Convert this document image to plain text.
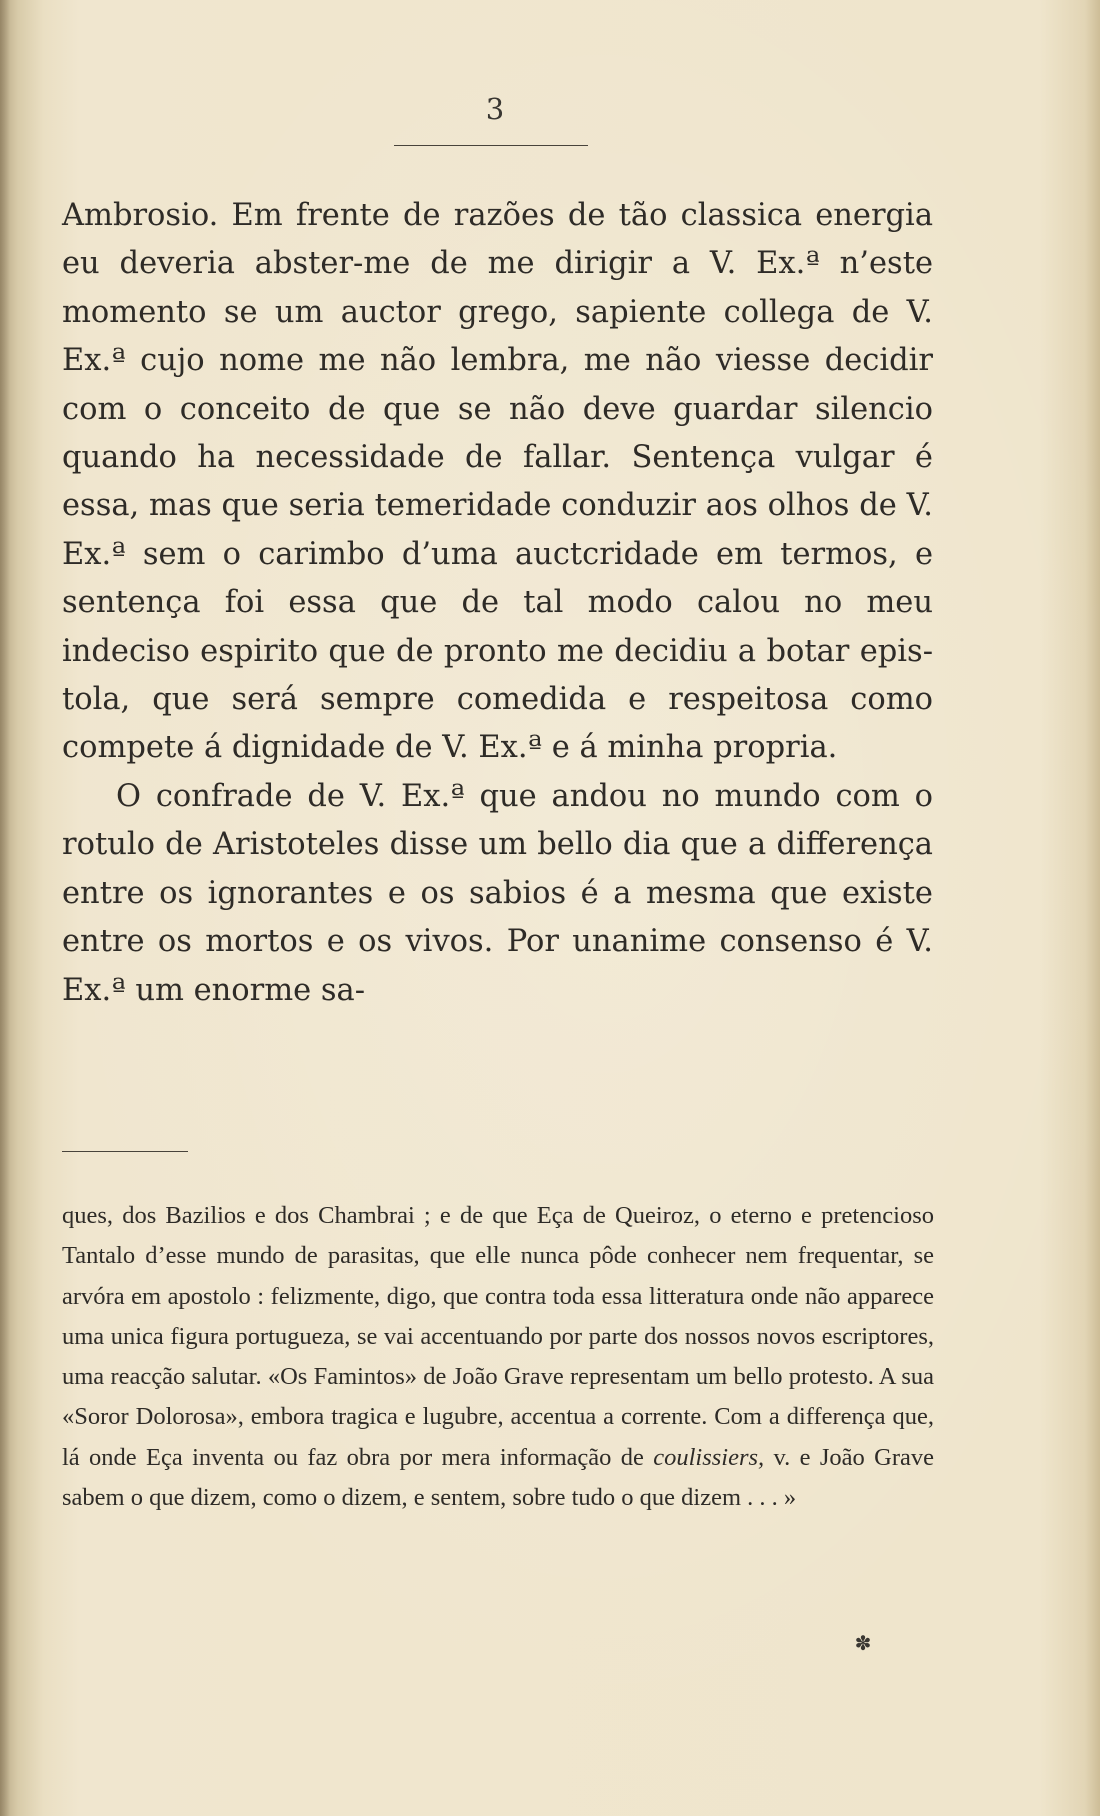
3

Ambrosio. Em frente de razões de tão classica energia eu deveria abster-me de me dirigir a V. Ex.ª n’este momento se um auctor grego, sapiente collega de V. Ex.ª cujo nome me não lembra, me não viesse decidir com o conceito de que se não deve guardar silencio quando ha necessidade de fallar. Sentença vulgar é essa, mas que seria temeridade conduzir aos olhos de V. Ex.ª sem o carimbo d’uma auctcridade em termos, e sentença foi essa que de tal modo calou no meu indeciso espirito que de pronto me decidiu a botar epistola, que será sempre comedida e respeitosa como compete á dignidade de V. Ex.ª e á minha propria.

O confrade de V. Ex.ª que andou no mundo com o rotulo de Aristoteles disse um bello dia que a differença entre os ignorantes e os sabios é a mesma que existe entre os mortos e os vivos. Por unanime consenso é V. Ex.ª um enorme sa-

ques, dos Bazilios e dos Chambrai ; e de que Eça de Queiroz, o eterno e pretencioso Tantalo d’esse mundo de parasitas, que elle nunca pôde conhecer nem frequentar, se arvóra em apostolo : felizmente, digo, que contra toda essa litteratura onde não apparece uma unica figura portugueza, se vai accentuando por parte dos nossos novos escriptores, uma reacção salutar. «Os Famintos» de João Grave representam um bello protesto. A sua «Soror Dolorosa», embora tragica e lugubre, accentua a corrente. Com a differença que, lá onde Eça inventa ou faz obra por mera informação de coulissiers, v. e João Grave sabem o que dizem, como o dizem, e sentem, sobre tudo o que dizem . . . »

✽
